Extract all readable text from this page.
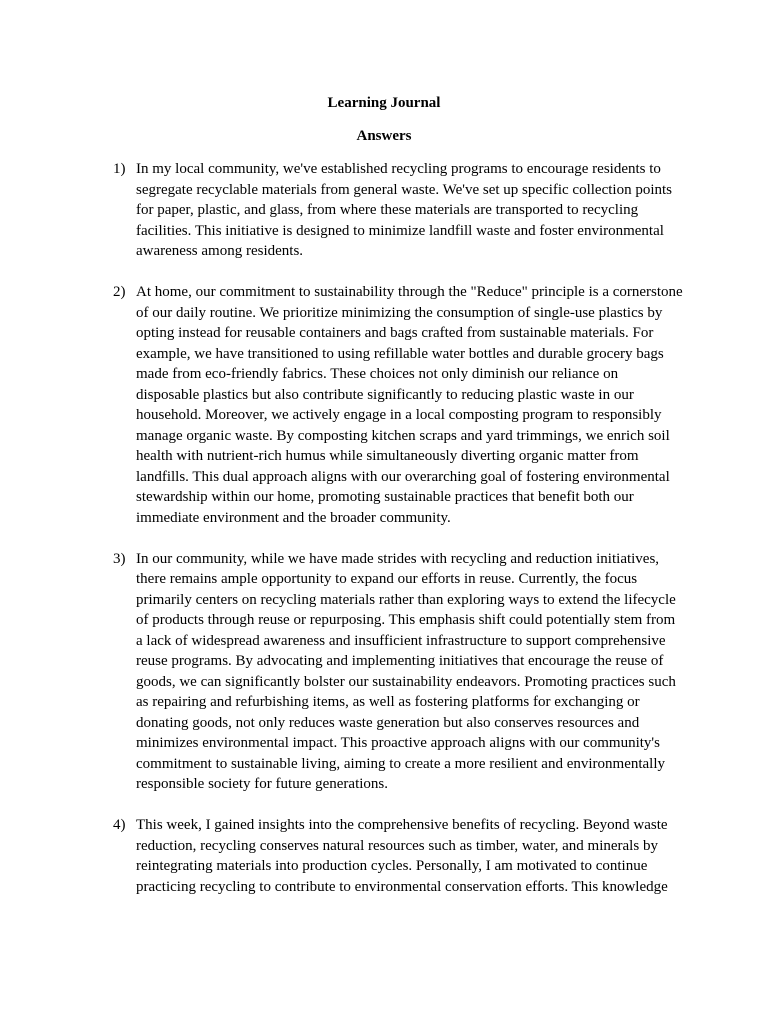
Learning Journal
Answers
1) In my local community, we've established recycling programs to encourage residents to segregate recyclable materials from general waste. We've set up specific collection points for paper, plastic, and glass, from where these materials are transported to recycling facilities. This initiative is designed to minimize landfill waste and foster environmental awareness among residents.
2) At home, our commitment to sustainability through the "Reduce" principle is a cornerstone of our daily routine. We prioritize minimizing the consumption of single-use plastics by opting instead for reusable containers and bags crafted from sustainable materials. For example, we have transitioned to using refillable water bottles and durable grocery bags made from eco-friendly fabrics. These choices not only diminish our reliance on disposable plastics but also contribute significantly to reducing plastic waste in our household. Moreover, we actively engage in a local composting program to responsibly manage organic waste. By composting kitchen scraps and yard trimmings, we enrich soil health with nutrient-rich humus while simultaneously diverting organic matter from landfills. This dual approach aligns with our overarching goal of fostering environmental stewardship within our home, promoting sustainable practices that benefit both our immediate environment and the broader community.
3) In our community, while we have made strides with recycling and reduction initiatives, there remains ample opportunity to expand our efforts in reuse. Currently, the focus primarily centers on recycling materials rather than exploring ways to extend the lifecycle of products through reuse or repurposing. This emphasis shift could potentially stem from a lack of widespread awareness and insufficient infrastructure to support comprehensive reuse programs. By advocating and implementing initiatives that encourage the reuse of goods, we can significantly bolster our sustainability endeavors. Promoting practices such as repairing and refurbishing items, as well as fostering platforms for exchanging or donating goods, not only reduces waste generation but also conserves resources and minimizes environmental impact. This proactive approach aligns with our community's commitment to sustainable living, aiming to create a more resilient and environmentally responsible society for future generations.
4) This week, I gained insights into the comprehensive benefits of recycling. Beyond waste reduction, recycling conserves natural resources such as timber, water, and minerals by reintegrating materials into production cycles. Personally, I am motivated to continue practicing recycling to contribute to environmental conservation efforts. This knowledge
